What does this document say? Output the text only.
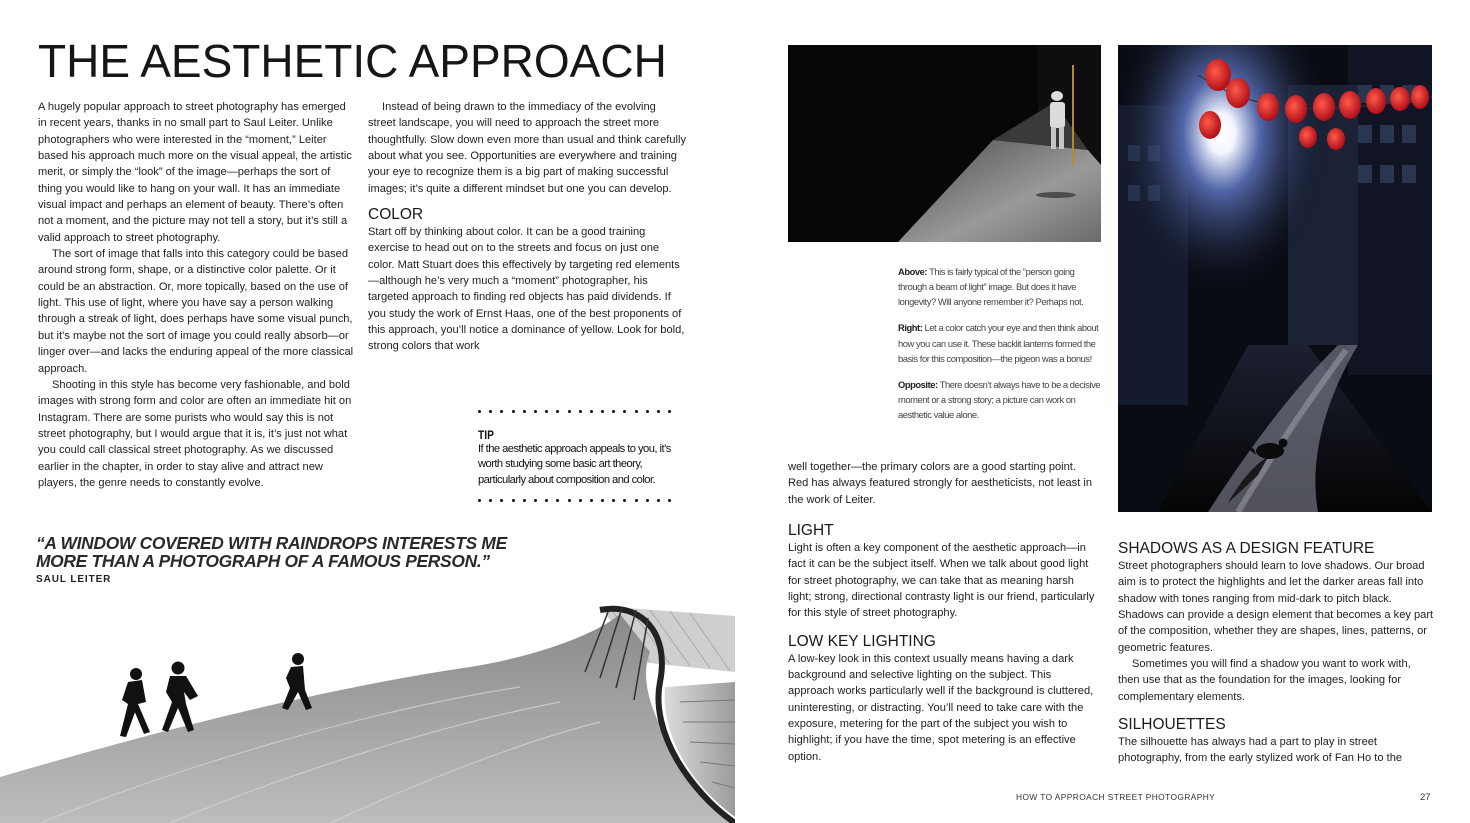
THE AESTHETIC APPROACH

A hugely popular approach to street photography has emerged in recent years, thanks in no small part to Saul Leiter. Unlike photographers who were interested in the “moment,” Leiter based his approach much more on the visual appeal, the artistic merit, or simply the “look” of the image—perhaps the sort of thing you would like to hang on your wall. It has an immediate visual impact and perhaps an element of beauty. There’s often not a moment, and the picture may not tell a story, but it’s still a valid approach to street photography.

The sort of image that falls into this category could be based around strong form, shape, or a distinctive color palette. Or it could be an abstraction. Or, more topically, based on the use of light. This use of light, where you have say a person walking through a streak of light, does perhaps have some visual punch, but it’s maybe not the sort of image you could really absorb—or linger over—and lacks the enduring appeal of the more classical approach.

Shooting in this style has become very fashionable, and bold images with strong form and color are often an immediate hit on Instagram. There are some purists who would say this is not street photography, but I would argue that it is, it’s just not what you could call classical street photography. As we discussed earlier in the chapter, in order to stay alive and attract new players, the genre needs to constantly evolve.

Instead of being drawn to the immediacy of the evolving street landscape, you will need to approach the street more thoughtfully. Slow down even more than usual and think carefully about what you see. Opportunities are everywhere and training your eye to recognize them is a big part of making successful images; it’s quite a different mindset but one you can develop.

COLOR

Start off by thinking about color. It can be a good training exercise to head out on to the streets and focus on just one color. Matt Stuart does this effectively by targeting red elements—although he’s very much a “moment” photographer, his targeted approach to finding red objects has paid dividends. If you study the work of Ernst Haas, one of the best proponents of this approach, you’ll notice a dominance of yellow. Look for bold, strong colors that work

TIP
If the aesthetic approach appeals to you, it’s worth studying some basic art theory, particularly about composition and color.
“A WINDOW COVERED WITH RAINDROPS INTERESTS ME MORE THAN A PHOTOGRAPH OF A FAMOUS PERSON.”
SAUL LEITER

Above: This is fairly typical of the “person going through a beam of light” image. But does it have longevity? Will anyone remember it? Perhaps not.

Right: Let a color catch your eye and then think about how you can use it. These backlit lanterns formed the basis for this composition—the pigeon was a bonus!

Opposite: There doesn’t always have to be a decisive moment or a strong story; a picture can work on aesthetic value alone.

well together—the primary colors are a good starting point. Red has always featured strongly for aestheticists, not least in the work of Leiter.

LIGHT

Light is often a key component of the aesthetic approach—in fact it can be the subject itself. When we talk about good light for street photography, we can take that as meaning harsh light; strong, directional contrasty light is our friend, particularly for this style of street photography.

LOW KEY LIGHTING

A low-key look in this context usually means having a dark background and selective lighting on the subject. This approach works particularly well if the background is cluttered, uninteresting, or distracting. You’ll need to take care with the exposure, metering for the part of the subject you wish to highlight; if you have the time, spot metering is an effective option.

SHADOWS AS A DESIGN FEATURE

Street photographers should learn to love shadows. Our broad aim is to protect the highlights and let the darker areas fall into shadow with tones ranging from mid-dark to pitch black. Shadows can provide a design element that becomes a key part of the composition, whether they are shapes, lines, patterns, or geometric features.

Sometimes you will find a shadow you want to work with, then use that as the foundation for the images, looking for complementary elements.

SILHOUETTES

The silhouette has always had a part to play in street photography, from the early stylized work of Fan Ho to the

HOW TO APPROACH STREET PHOTOGRAPHY	27
